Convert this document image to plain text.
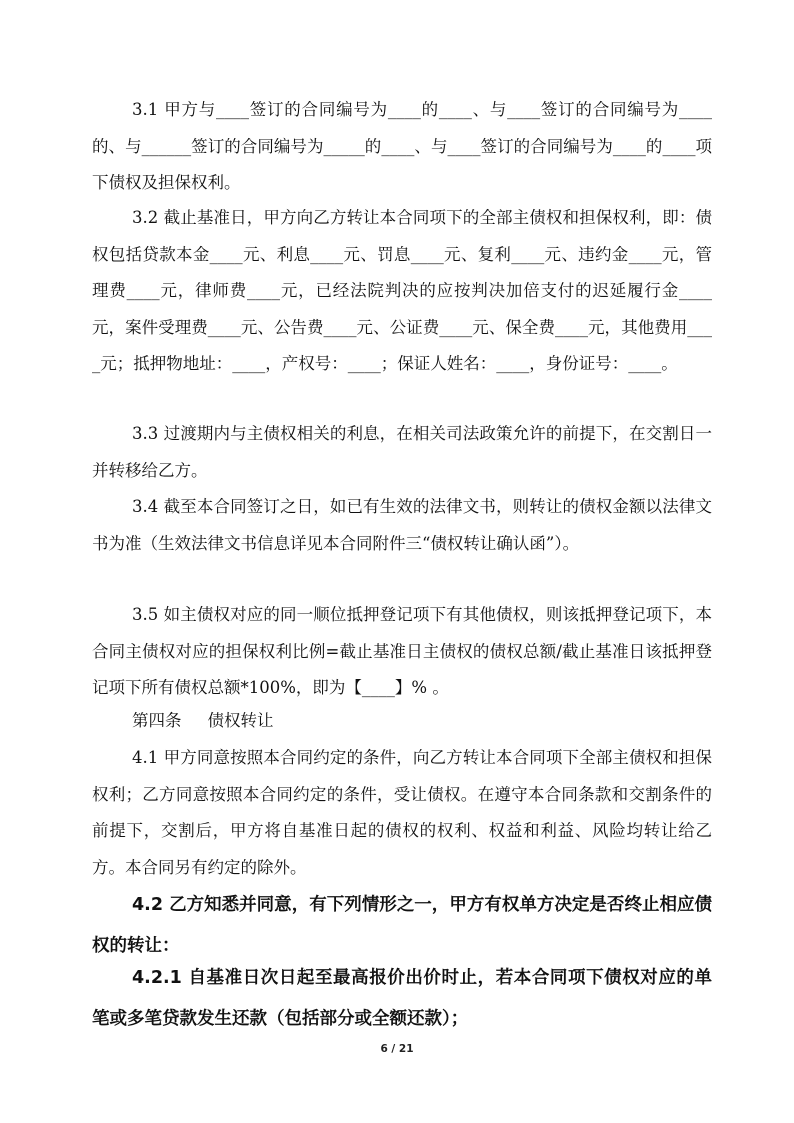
3.1 甲方与____签订的合同编号为____的____、与____签订的合同编号为____的、与______签订的合同编号为_____的____、与____签订的合同编号为____的____项下债权及担保权利。

3.2 截止基准日，甲方向乙方转让本合同项下的全部主债权和担保权利，即：债权包括贷款本金____元、利息____元、罚息____元、复利____元、违约金____元，管理费____元，律师费____元，已经法院判决的应按判决加倍支付的迟延履行金____元，案件受理费____元、公告费____元、公证费____元、保全费____元，其他费用____元；抵押物地址：____，产权号：____；保证人姓名：____，身份证号：____。

3.3 过渡期内与主债权相关的利息，在相关司法政策允许的前提下，在交割日一并转移给乙方。

3.4 截至本合同签订之日，如已有生效的法律文书，则转让的债权金额以法律文书为准（生效法律文书信息详见本合同附件三“债权转让确认函”）。

3.5 如主债权对应的同一顺位抵押登记项下有其他债权，则该抵押登记项下，本合同主债权对应的担保权利比例=截止基准日主债权的债权总额/截止基准日该抵押登记项下所有债权总额*100%，即为【____】% 。

第四条 债权转让

4.1 甲方同意按照本合同约定的条件，向乙方转让本合同项下全部主债权和担保权利；乙方同意按照本合同约定的条件，受让债权。在遵守本合同条款和交割条件的前提下，交割后，甲方将自基准日起的债权的权利、权益和利益、风险均转让给乙方。本合同另有约定的除外。

4.2 乙方知悉并同意，有下列情形之一，甲方有权单方决定是否终止相应债权的转让：

4.2.1 自基准日次日起至最高报价出价时止，若本合同项下债权对应的单笔或多笔贷款发生还款（包括部分或全额还款）；

6 / 21
